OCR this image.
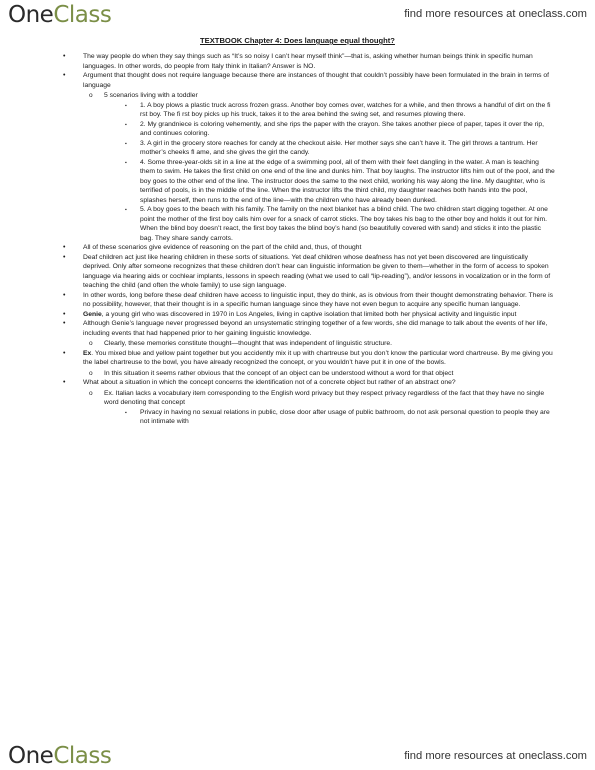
OneClass	find more resources at oneclass.com
TEXTBOOK Chapter 4: Does language equal thought?
•	The way people do when they say things such as “It’s so noisy I can’t hear myself think”—that is, asking whether human beings think in specific human languages. In other words, do people from Italy think in Italian? Answer is NO.
•	Argument that thought does not require language because there are instances of thought that couldn’t possibly have been formulated in the brain in terms of language
o 5 scenarios living with a toddler
▪ 1. A boy plows a plastic truck across frozen grass. Another boy comes over, watches for a while, and then throws a handful of dirt on the fi rst boy. The fi rst boy picks up his truck, takes it to the area behind the swing set, and resumes plowing there.
▪ 2. My grandniece is coloring vehemently, and she rips the paper with the crayon. She takes another piece of paper, tapes it over the rip, and continues coloring.
▪ 3. A girl in the grocery store reaches for candy at the checkout aisle. Her mother says she can’t have it. The girl throws a tantrum. Her mother’s cheeks fl ame, and she gives the girl the candy.
▪ 4. Some three-year-olds sit in a line at the edge of a swimming pool, all of them with their feet dangling in the water. A man is teaching them to swim. He takes the first child on one end of the line and dunks him. That boy laughs. The instructor lifts him out of the pool, and the boy goes to the other end of the line. The instructor does the same to the next child, working his way along the line. My daughter, who is terrified of pools, is in the middle of the line. When the instructor lifts the third child, my daughter reaches both hands into the pool, splashes herself, then runs to the end of the line—with the children who have already been dunked.
▪ 5. A boy goes to the beach with his family. The family on the next blanket has a blind child. The two children start digging together. At one point the mother of the first boy calls him over for a snack of carrot sticks. The boy takes his bag to the other boy and holds it out for him. When the blind boy doesn’t react, the first boy takes the blind boy’s hand (so beautifully covered with sand) and sticks it into the plastic bag. They share sandy carrots.
•	All of these scenarios give evidence of reasoning on the part of the child and, thus, of thought
•	Deaf children act just like hearing children in these sorts of situations. Yet deaf children whose deafness has not yet been discovered are linguistically deprived. Only after someone recognizes that these children don’t hear can linguistic information be given to them—whether in the form of access to spoken language via hearing aids or cochlear implants, lessons in speech reading (what we used to call “lip-reading”), and/or lessons in vocalization or in the form of teaching the child (and often the whole family) to use sign language.
•	In other words, long before these deaf children have access to linguistic input, they do think, as is obvious from their thought demonstrating behavior. There is no possibility, however, that their thought is in a specific human language since they have not even begun to acquire any specific human language.
•	Genie, a young girl who was discovered in 1970 in Los Angeles, living in captive isolation that limited both her physical activity and linguistic input
•	Although Genie’s language never progressed beyond an unsystematic stringing together of a few words, she did manage to talk about the events of her life, including events that had happened prior to her gaining linguistic knowledge.
o Clearly, these memories constitute thought—thought that was independent of linguistic structure.
•	Ex. You mixed blue and yellow paint together but you accidently mix it up with chartreuse but you don’t know the particular word chartreuse. By me giving you the label chartreuse to the bowl, you have already recognized the concept, or you wouldn’t have put it in one of the bowls.
o In this situation it seems rather obvious that the concept of an object can be understood without a word for that object
•	What about a situation in which the concept concerns the identification not of a concrete object but rather of an abstract one?
o Ex. Italian lacks a vocabulary item corresponding to the English word privacy but they respect privacy regardless of the fact that they have no single word denoting that concept
▪ Privacy in having no sexual relations in public, close door after usage of public bathroom, do not ask personal question to people they are not intimate with
OneClass	find more resources at oneclass.com
